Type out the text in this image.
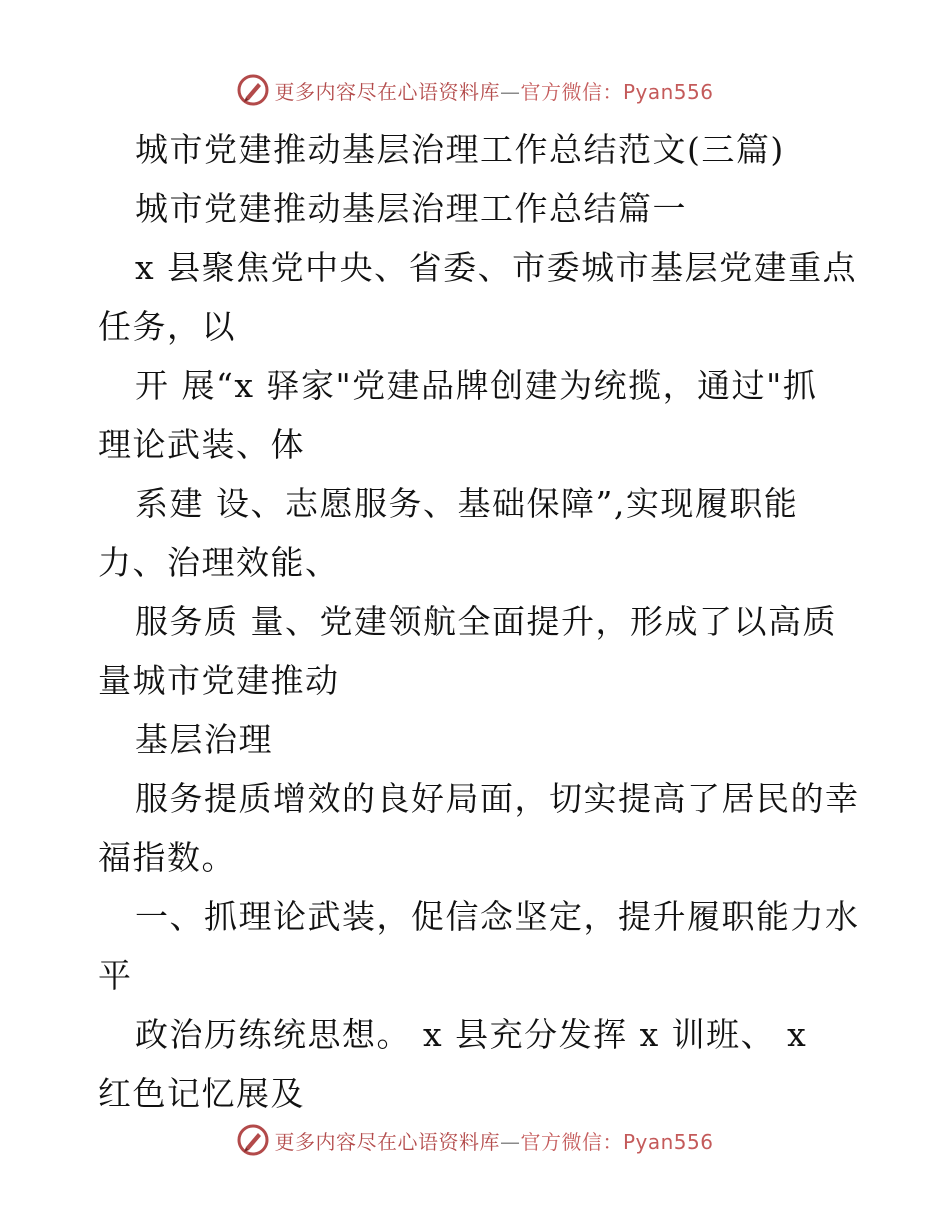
更多内容尽在心语资料库—官方微信：Pyan556
城市党建推动基层治理工作总结范文(三篇)
城市党建推动基层治理工作总结篇一
x 县聚焦党中央、省委、市委城市基层党建重点
任务，以
开 展“x 驿家"党建品牌创建为统揽，通过"抓
理论武装、体
系建 设、志愿服务、基础保障”,实现履职能
力、治理效能、
服务质 量、党建领航全面提升，形成了以高质
量城市党建推动
基层治理
服务提质增效的良好局面，切实提高了居民的幸
福指数。
一、抓理论武装，促信念坚定，提升履职能力水
平
政治历练统思想。 x 县充分发挥 x 训班、 x
红色记忆展及
更多内容尽在心语资料库—官方微信：Pyan556
